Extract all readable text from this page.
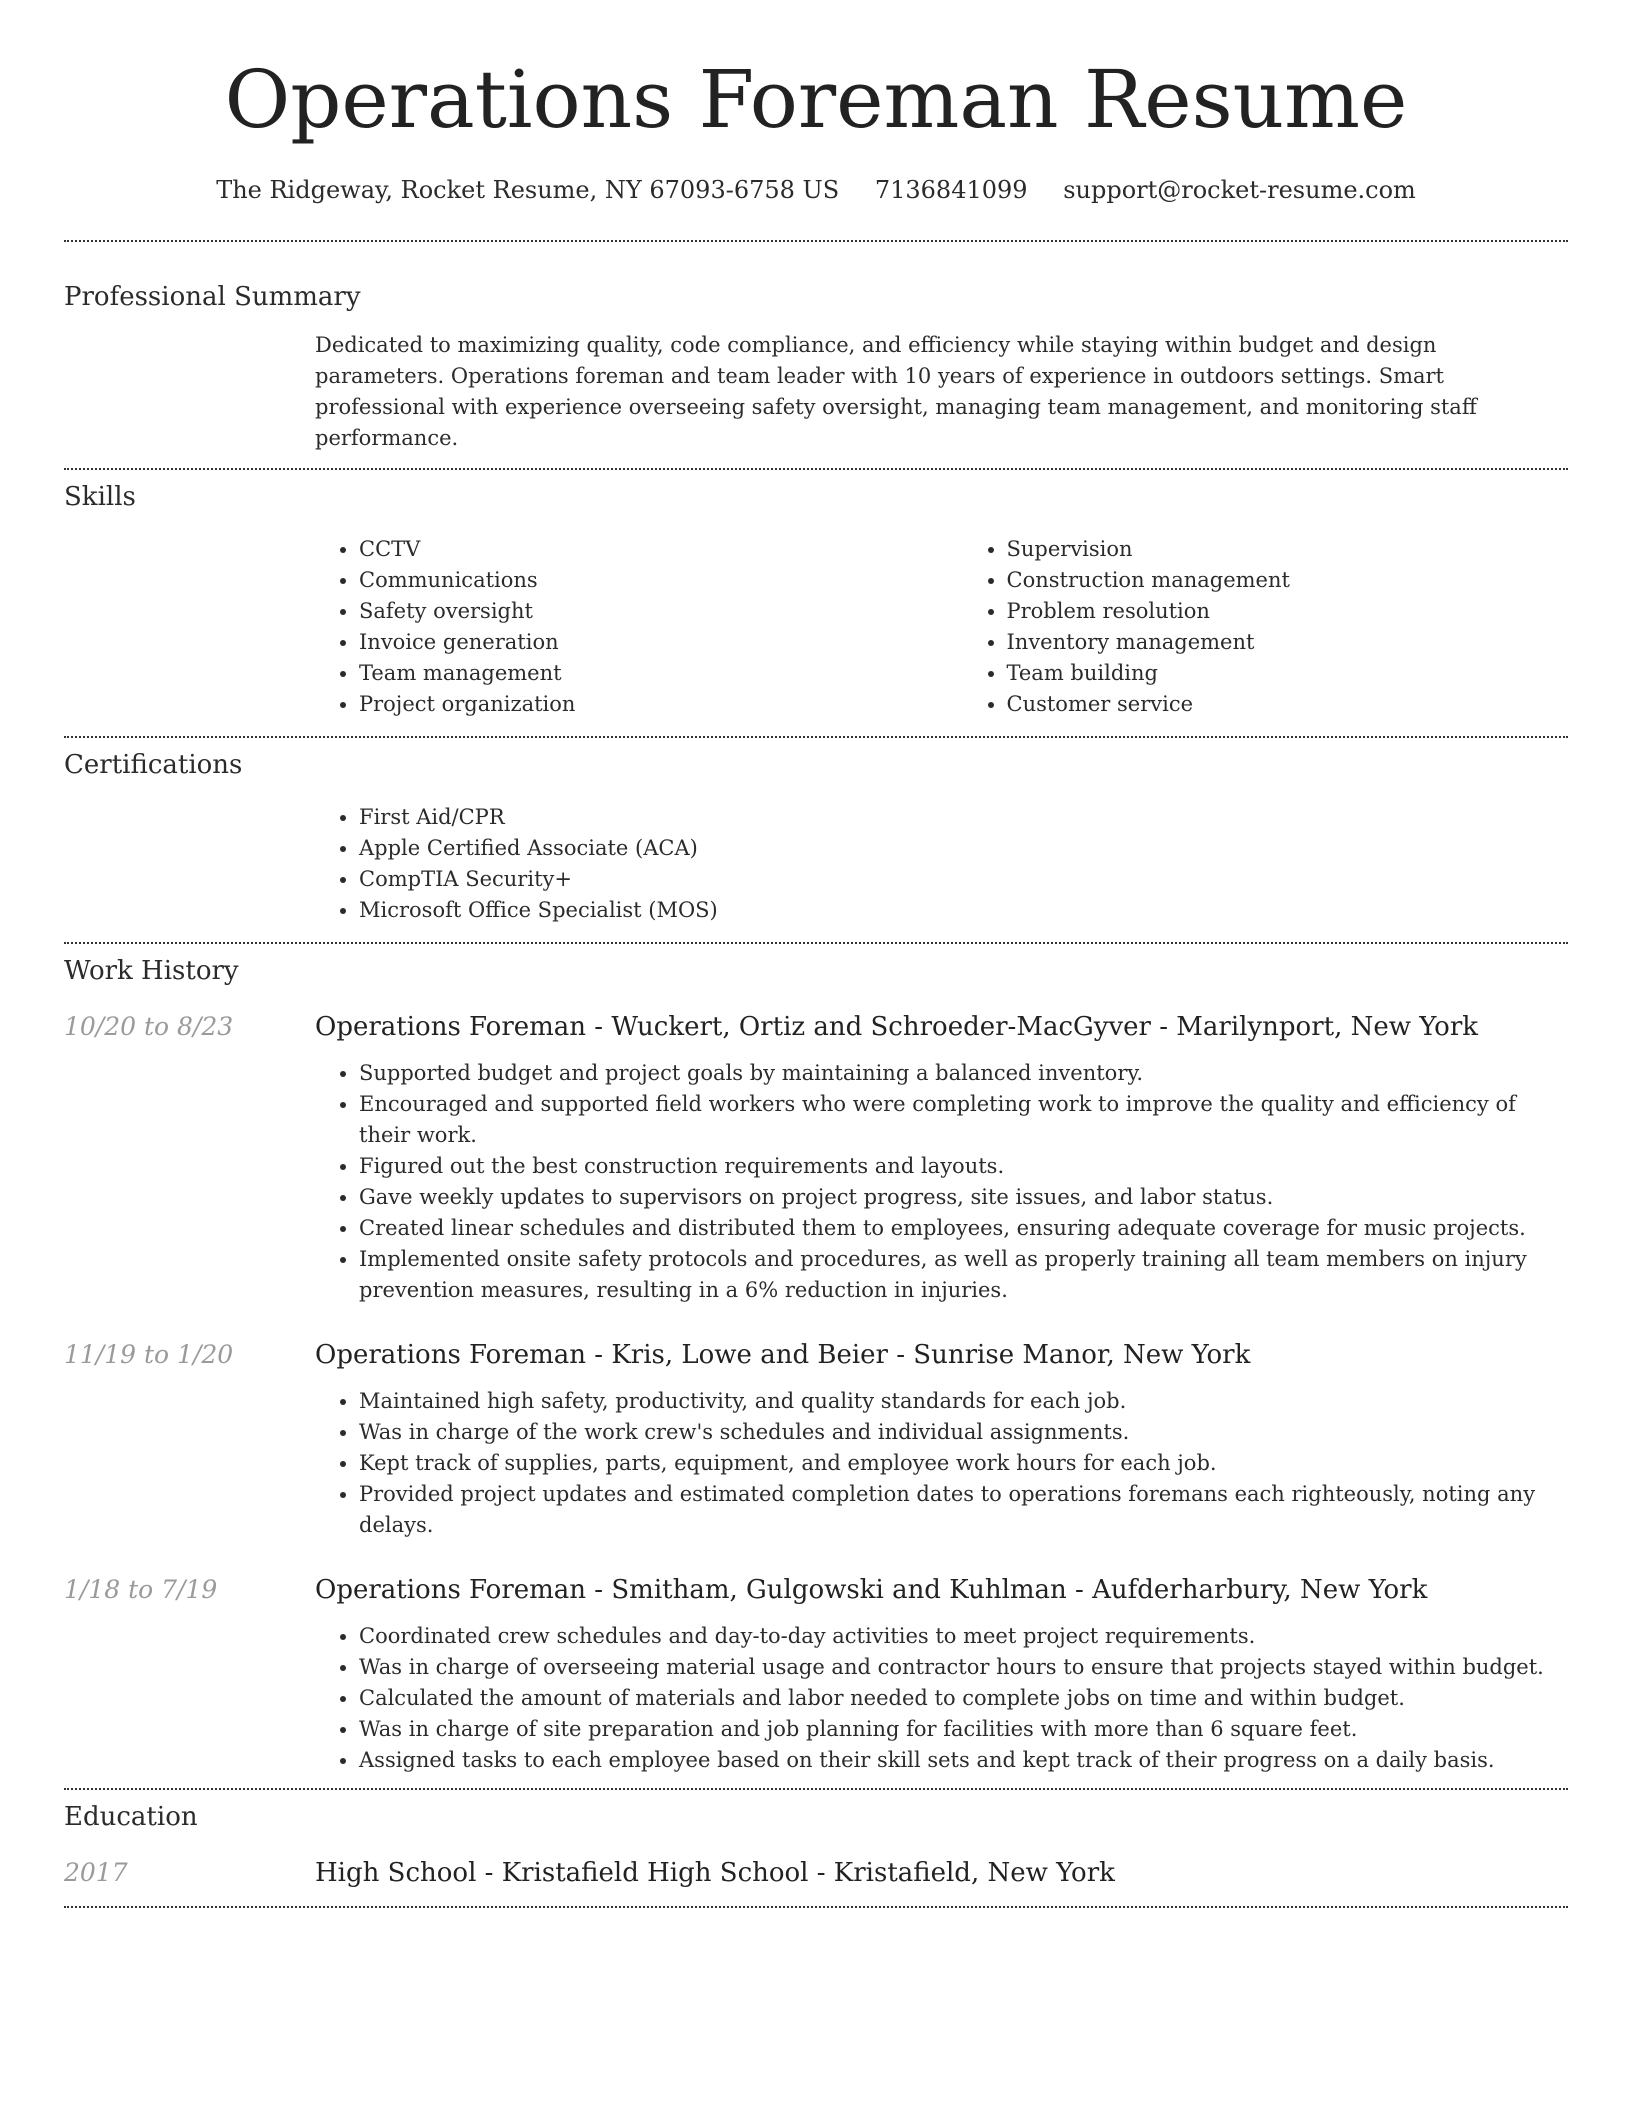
Operations Foreman Resume
The Ridgeway, Rocket Resume, NY 67093-6758 US 7136841099 support@rocket-resume.com
Professional Summary

Dedicated to maximizing quality, code compliance, and efficiency while staying within budget and design parameters. Operations foreman and team leader with 10 years of experience in outdoors settings. Smart professional with experience overseeing safety oversight, managing team management, and monitoring staff performance.

Skills
• CCTV
• Communications
• Safety oversight
• Invoice generation
• Team management
• Project organization
• Supervision
• Construction management
• Problem resolution
• Inventory management
• Team building
• Customer service
Certifications
• First Aid/CPR
• Apple Certified Associate (ACA)
• CompTIA Security+
• Microsoft Office Specialist (MOS)
Work History
10/20 to 8/23	Operations Foreman - Wuckert, Ortiz and Schroeder-MacGyver - Marilynport, New York
• Supported budget and project goals by maintaining a balanced inventory.
• Encouraged and supported field workers who were completing work to improve the quality and efficiency of their work.
• Figured out the best construction requirements and layouts.
• Gave weekly updates to supervisors on project progress, site issues, and labor status.
• Created linear schedules and distributed them to employees, ensuring adequate coverage for music projects.
• Implemented onsite safety protocols and procedures, as well as properly training all team members on injury prevention measures, resulting in a 6% reduction in injuries.
11/19 to 1/20	Operations Foreman - Kris, Lowe and Beier - Sunrise Manor, New York
• Maintained high safety, productivity, and quality standards for each job.
• Was in charge of the work crew's schedules and individual assignments.
• Kept track of supplies, parts, equipment, and employee work hours for each job.
• Provided project updates and estimated completion dates to operations foremans each righteously, noting any delays.
1/18 to 7/19	Operations Foreman - Smitham, Gulgowski and Kuhlman - Aufderharbury, New York
• Coordinated crew schedules and day-to-day activities to meet project requirements.
• Was in charge of overseeing material usage and contractor hours to ensure that projects stayed within budget.
• Calculated the amount of materials and labor needed to complete jobs on time and within budget.
• Was in charge of site preparation and job planning for facilities with more than 6 square feet.
• Assigned tasks to each employee based on their skill sets and kept track of their progress on a daily basis.
Education
2017	High School - Kristafield High School - Kristafield, New York
